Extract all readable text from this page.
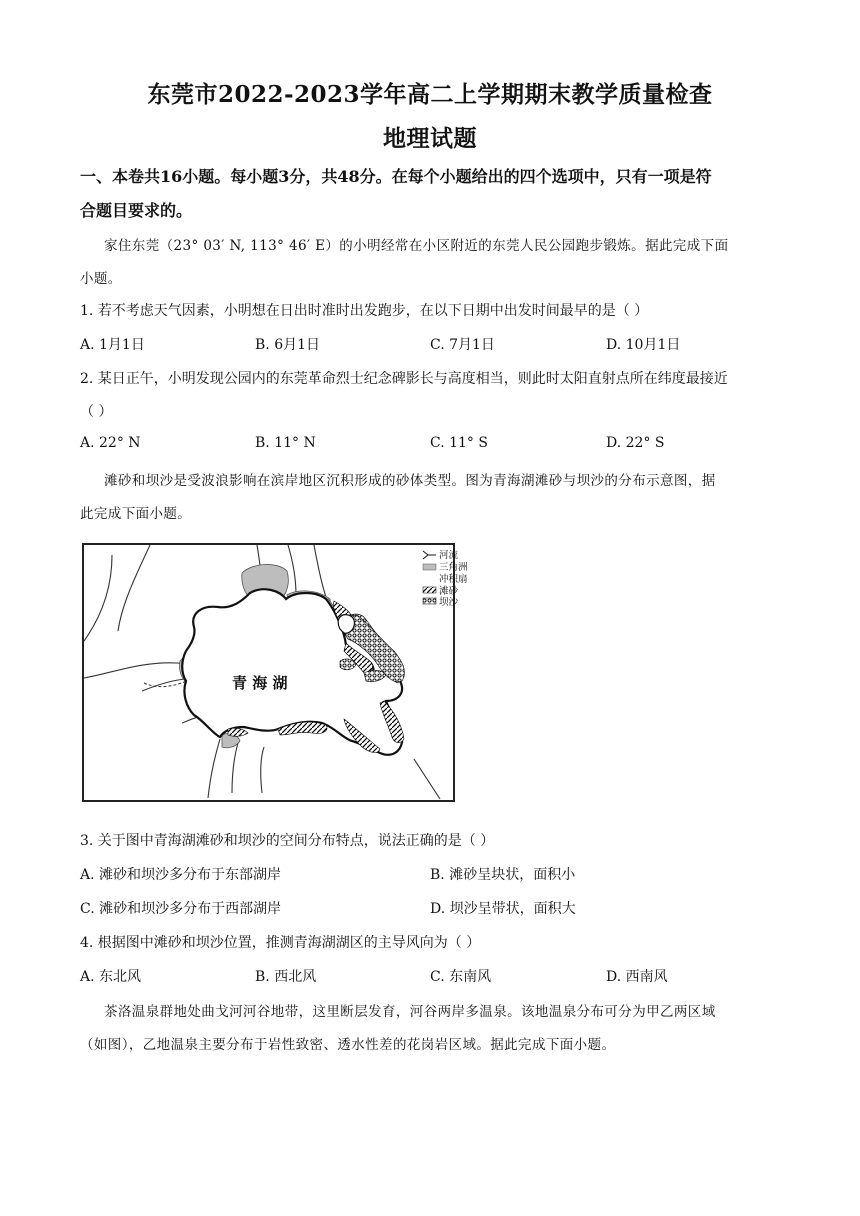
东莞市2022-2023学年高二上学期期末教学质量检查
地理试题
一、本卷共16小题。每小题3分，共48分。在每个小题给出的四个选项中，只有一项是符
合题目要求的。
家住东莞（23° 03′ N, 113° 46′ E）的小明经常在小区附近的东莞人民公园跑步锻炼。据此完成下面
小题。
1. 若不考虑天气因素，小明想在日出时准时出发跑步，在以下日期中出发时间最早的是（ ）
A. 1月1日	B. 6月1日	C. 7月1日	D. 10月1日
2. 某日正午，小明发现公园内的东莞革命烈士纪念碑影长与高度相当，则此时太阳直射点所在纬度最接近
（ ）
A. 22° N	B. 11° N	C. 11° S	D. 22° S
滩砂和坝沙是受波浪影响在滨岸地区沉积形成的砂体类型。图为青海湖滩砂与坝沙的分布示意图，据
此完成下面小题。
青 海 湖
河流
三角洲
冲积扇
滩砂
坝沙
3. 关于图中青海湖滩砂和坝沙的空间分布特点，说法正确的是（ ）
A. 滩砂和坝沙多分布于东部湖岸	B. 滩砂呈块状，面积小
C. 滩砂和坝沙多分布于西部湖岸	D. 坝沙呈带状，面积大
4. 根据图中滩砂和坝沙位置，推测青海湖湖区的主导风向为（ ）
A. 东北风	B. 西北风	C. 东南风	D. 西南风
茶洛温泉群地处曲戈河河谷地带，这里断层发育，河谷两岸多温泉。该地温泉分布可分为甲乙两区域
（如图），乙地温泉主要分布于岩性致密、透水性差的花岗岩区域。据此完成下面小题。
